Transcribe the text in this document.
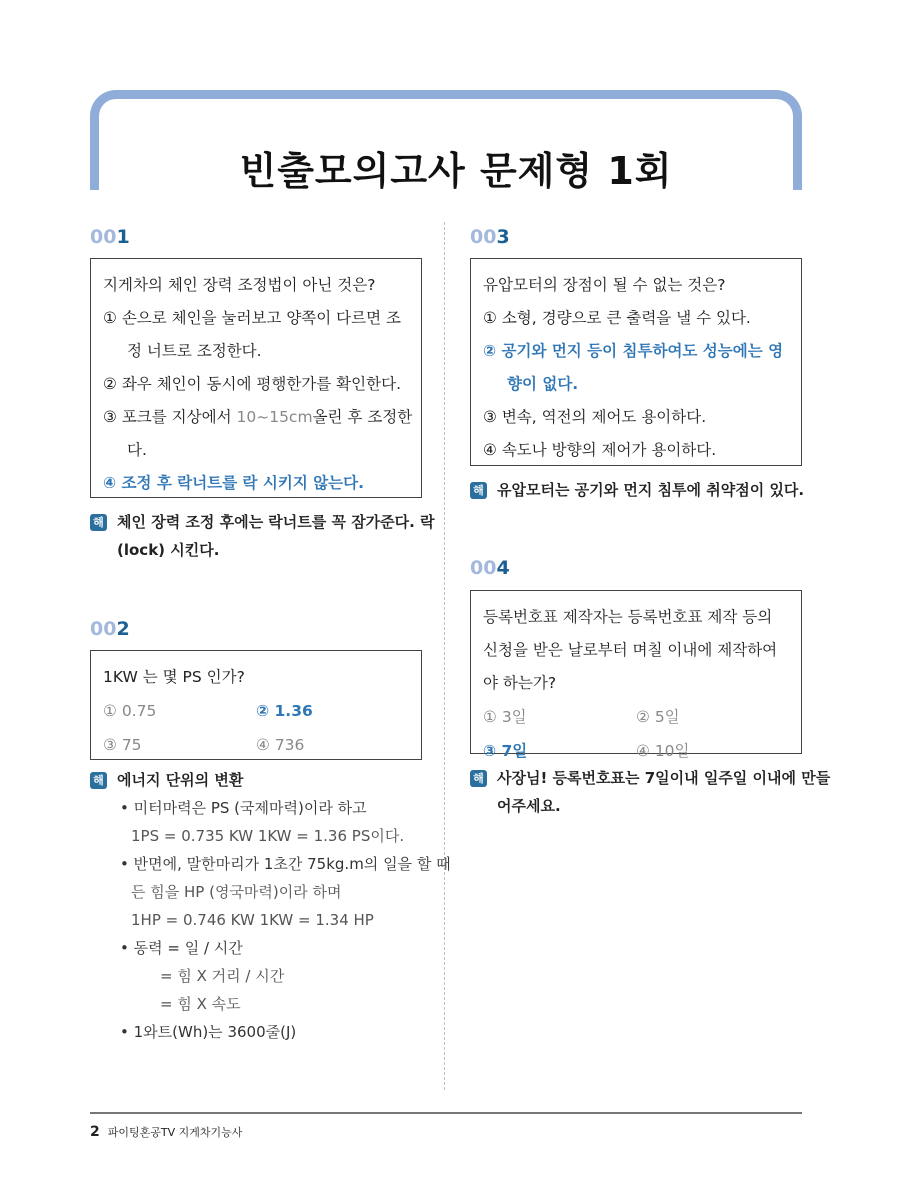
빈출모의고사 문제형 1회
001
지게차의 체인 장력 조정법이 아닌 것은?
① 손으로 체인을 눌러보고 양쪽이 다르면 조
정 너트로 조정한다.
② 좌우 체인이 동시에 평행한가를 확인한다.
③ 포크를 지상에서 10~15cm올린 후 조정한
다.
④ 조정 후 락너트를 락 시키지 않는다.
해 체인 장력 조정 후에는 락너트를 꼭 잠가준다. 락
(lock) 시킨다.
002
1KW 는 몇 PS 인가?
① 0.75	② 1.36
③ 75	④ 736
해 에너지 단위의 변환
• 미터마력은 PS (국제마력)이라 하고
1PS = 0.735 KW 1KW = 1.36 PS이다.
• 반면에, 말한마리가 1초간 75kg.m의 일을 할 때
든 힘을 HP (영국마력)이라 하며
1HP = 0.746 KW 1KW = 1.34 HP
• 동력 = 일 / 시간
= 힘 X 거리 / 시간
= 힘 X 속도
• 1와트(Wh)는 3600줄(J)
003
유압모터의 장점이 될 수 없는 것은?
① 소형, 경량으로 큰 출력을 낼 수 있다.
② 공기와 먼지 등이 침투하여도 성능에는 영
향이 없다.
③ 변속, 역전의 제어도 용이하다.
④ 속도나 방향의 제어가 용이하다.
해 유압모터는 공기와 먼지 침투에 취약점이 있다.
004
등록번호표 제작자는 등록번호표 제작 등의
신청을 받은 날로부터 며칠 이내에 제작하여
야 하는가?
① 3일	② 5일
③ 7일	④ 10일
해 사장님! 등록번호표는 7일이내 일주일 이내에 만들
어주세요.
2 파이팅혼공TV 지게차기능사
